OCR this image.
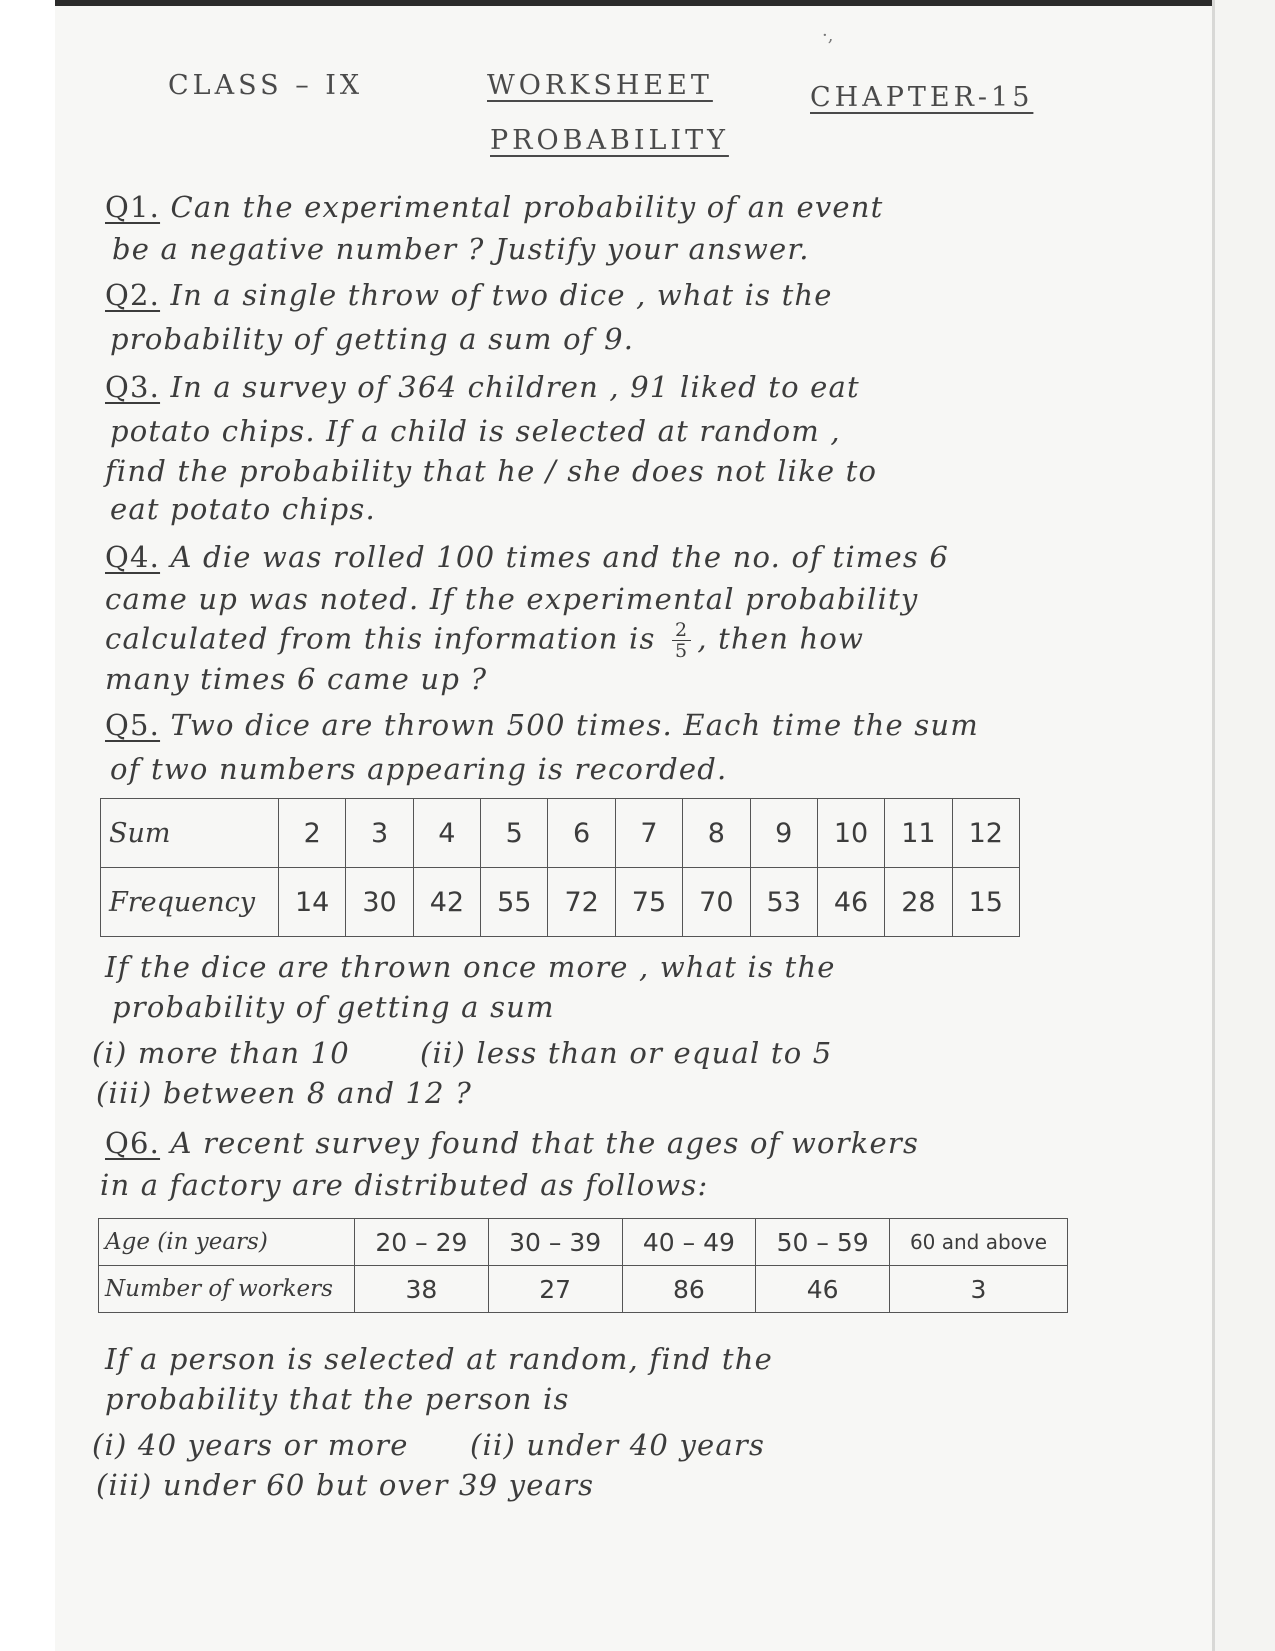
·,
CLASS – IX	WORKSHEET	CHAPTER-15
PROBABILITY
Q1. Can the experimental probability of an event
be a negative number ? Justify your answer.
Q2. In a single throw of two dice , what is the
probability of getting a sum of 9.
Q3. In a survey of 364 children , 91 liked to eat
potato chips. If a child is selected at random ,
find the probability that he / she does not like to
eat potato chips.
Q4. A die was rolled 100 times and the no. of times 6
came up was noted. If the experimental probability
calculated from this information is $\frac{2}{5}$ , then how
many times 6 came up ?
Q5. Two dice are thrown 500 times. Each time the sum
of two numbers appearing is recorded.
Sum	2	3	4	5	6	7	8	9	10	11	12
Frequency	14	30	42	55	72	75	70	53	46	28	15
If the dice are thrown once more , what is the
probability of getting a sum
(i) more than 10 (ii) less than or equal to 5
(iii) between 8 and 12 ?
Q6. A recent survey found that the ages of workers
in a factory are distributed as follows:
Age (in years)	20 – 29	30 – 39	40 – 49	50 – 59	60 and above
Number of workers	38	27	86	46	3
If a person is selected at random, find the
probability that the person is
(i) 40 years or more (ii) under 40 years
(iii) under 60 but over 39 years
